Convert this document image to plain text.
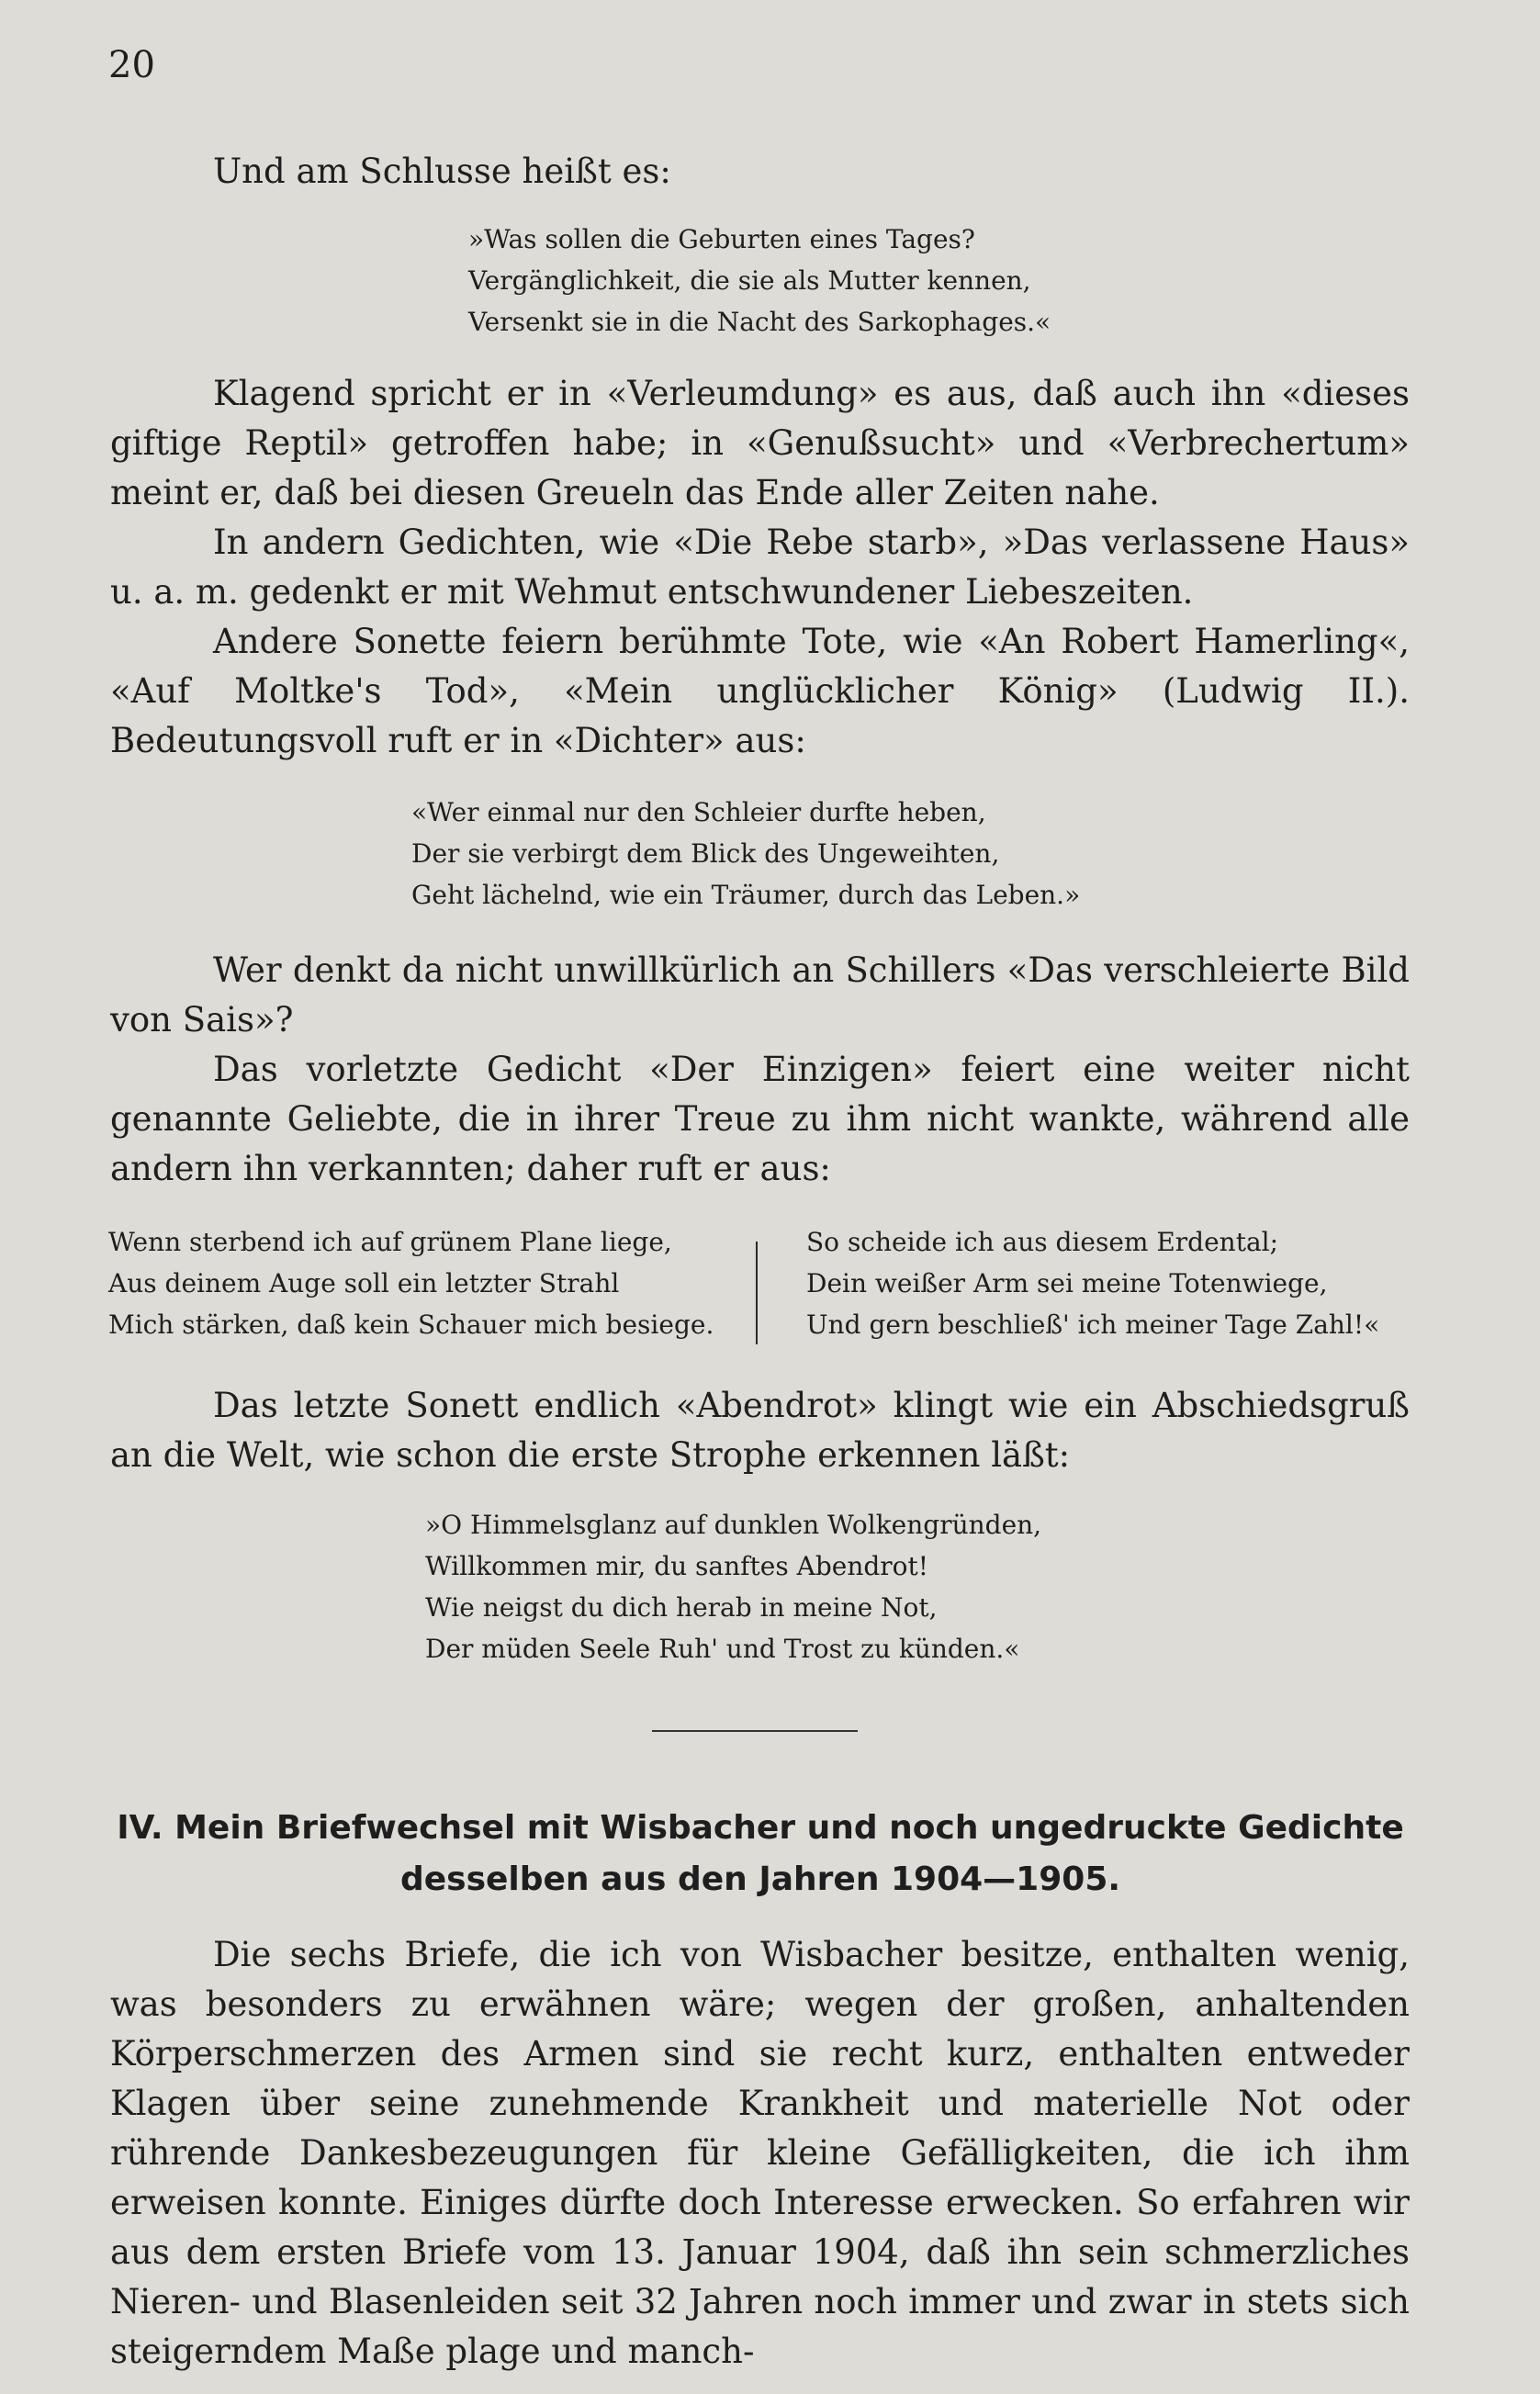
20

Und am Schlusse heißt es:

»Was sollen die Geburten eines Tages?
Vergänglichkeit, die sie als Mutter kennen,
Versenkt sie in die Nacht des Sarkophages.«

Klagend spricht er in «Verleumdung» es aus, daß auch ihn «dieses giftige Reptil» getroffen habe; in «Genußsucht» und «Verbrechertum» meint er, daß bei diesen Greueln das Ende aller Zeiten nahe.

In andern Gedichten, wie «Die Rebe starb», »Das verlassene Haus» u. a. m. gedenkt er mit Wehmut entschwundener Liebeszeiten.

Andere Sonette feiern berühmte Tote, wie «An Robert Hamerling«, «Auf Moltke's Tod», «Mein unglücklicher König» (Ludwig II.). Bedeutungsvoll ruft er in «Dichter» aus:

«Wer einmal nur den Schleier durfte heben,
Der sie verbirgt dem Blick des Ungeweihten,
Geht lächelnd, wie ein Träumer, durch das Leben.»

Wer denkt da nicht unwillkürlich an Schillers «Das verschleierte Bild von Sais»?

Das vorletzte Gedicht «Der Einzigen» feiert eine weiter nicht genannte Geliebte, die in ihrer Treue zu ihm nicht wankte, während alle andern ihn verkannten; daher ruft er aus:

Wenn sterbend ich auf grünem Plane liege,
Aus deinem Auge soll ein letzter Strahl
Mich stärken, daß kein Schauer mich besiege.
So scheide ich aus diesem Erdental;
Dein weißer Arm sei meine Totenwiege,
Und gern beschließ' ich meiner Tage Zahl!«

Das letzte Sonett endlich «Abendrot» klingt wie ein Abschiedsgruß an die Welt, wie schon die erste Strophe erkennen läßt:

»O Himmelsglanz auf dunklen Wolkengründen,
Willkommen mir, du sanftes Abendrot!
Wie neigst du dich herab in meine Not,
Der müden Seele Ruh' und Trost zu künden.«
IV. Mein Briefwechsel mit Wisbacher und noch ungedruckte Gedichte desselben aus den Jahren 1904—1905.

Die sechs Briefe, die ich von Wisbacher besitze, enthalten wenig, was besonders zu erwähnen wäre; wegen der großen, anhaltenden Körperschmerzen des Armen sind sie recht kurz, enthalten entweder Klagen über seine zunehmende Krankheit und materielle Not oder rührende Dankesbezeugungen für kleine Gefälligkeiten, die ich ihm erweisen konnte. Einiges dürfte doch Interesse erwecken. So erfahren wir aus dem ersten Briefe vom 13. Januar 1904, daß ihn sein schmerzliches Nieren- und Blasenleiden seit 32 Jahren noch immer und zwar in stets sich steigerndem Maße plage und manch-
